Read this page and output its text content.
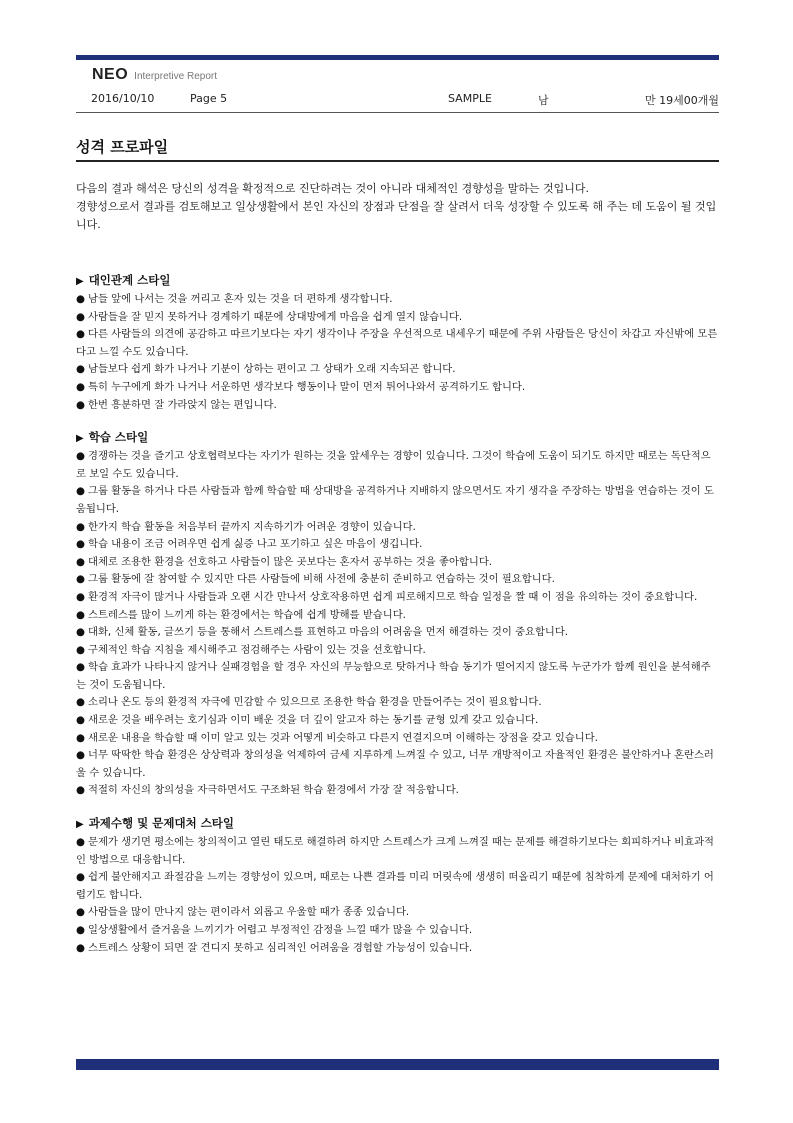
NEO Interpretive Report
2016/10/10	Page 5	SAMPLE	남	만 19세00개월
성격 프로파일

다음의 결과 해석은 당신의 성격을 확정적으로 진단하려는 것이 아니라 대체적인 경향성을 말하는 것입니다.

경향성으로서 결과를 검토해보고 일상생활에서 본인 자신의 장점과 단점을 잘 살려서 더욱 성장할 수 있도록 해 주는 데 도움이 될 것입니다.

▶ 대인관계 스타일

● 남들 앞에 나서는 것을 꺼리고 혼자 있는 것을 더 편하게 생각합니다.
● 사람들을 잘 믿지 못하거나 경계하기 때문에 상대방에게 마음을 쉽게 열지 않습니다.
● 다른 사람들의 의견에 공감하고 따르기보다는 자기 생각이나 주장을 우선적으로 내세우기 때문에 주위 사람들은 당신이 차갑고 자신밖에 모른다고 느낄 수도 있습니다.
● 남들보다 쉽게 화가 나거나 기분이 상하는 편이고 그 상태가 오래 지속되곤 합니다.
● 특히 누구에게 화가 나거나 서운하면 생각보다 행동이나 말이 먼저 튀어나와서 공격하기도 합니다.
● 한번 흥분하면 잘 가라앉지 않는 편입니다.

▶ 학습 스타일

● 경쟁하는 것을 즐기고 상호협력보다는 자기가 원하는 것을 앞세우는 경향이 있습니다. 그것이 학습에 도움이 되기도 하지만 때로는 독단적으로 보일 수도 있습니다.
● 그룹 활동을 하거나 다른 사람들과 함께 학습할 때 상대방을 공격하거나 지배하지 않으면서도 자기 생각을 주장하는 방법을 연습하는 것이 도움됩니다.
● 한가지 학습 활동을 처음부터 끝까지 지속하기가 어려운 경향이 있습니다.
● 학습 내용이 조금 어려우면 쉽게 싫증 나고 포기하고 싶은 마음이 생깁니다.
● 대체로 조용한 환경을 선호하고 사람들이 많은 곳보다는 혼자서 공부하는 것을 좋아합니다.
● 그룹 활동에 잘 참여할 수 있지만 다른 사람들에 비해 사전에 충분히 준비하고 연습하는 것이 필요합니다.
● 환경적 자극이 많거나 사람들과 오랜 시간 만나서 상호작용하면 쉽게 피로해지므로 학습 일정을 짤 때 이 점을 유의하는 것이 중요합니다.
● 스트레스를 많이 느끼게 하는 환경에서는 학습에 쉽게 방해를 받습니다.
● 대화, 신체 활동, 글쓰기 등을 통해서 스트레스를 표현하고 마음의 어려움을 먼저 해결하는 것이 중요합니다.
● 구체적인 학습 지침을 제시해주고 점검해주는 사람이 있는 것을 선호합니다.
● 학습 효과가 나타나지 않거나 실패경험을 할 경우 자신의 무능함으로 탓하거나 학습 동기가 떨어지지 않도록 누군가가 함께 원인을 분석해주는 것이 도움됩니다.
● 소리나 온도 등의 환경적 자극에 민감할 수 있으므로 조용한 학습 환경을 만들어주는 것이 필요합니다.
● 새로운 것을 배우려는 호기심과 이미 배운 것을 더 깊이 알고자 하는 동기를 균형 있게 갖고 있습니다.
● 새로운 내용을 학습할 때 이미 알고 있는 것과 어떻게 비슷하고 다른지 연결지으며 이해하는 장점을 갖고 있습니다.
● 너무 딱딱한 학습 환경은 상상력과 창의성을 억제하여 금세 지루하게 느껴질 수 있고, 너무 개방적이고 자율적인 환경은 불안하거나 혼란스러울 수 있습니다.
● 적절히 자신의 창의성을 자극하면서도 구조화된 학습 환경에서 가장 잘 적응합니다.

▶ 과제수행 및 문제대처 스타일

● 문제가 생기면 평소에는 창의적이고 열린 태도로 해결하려 하지만 스트레스가 크게 느껴질 때는 문제를 해결하기보다는 회피하거나 비효과적인 방법으로 대응합니다.
● 쉽게 불안해지고 좌절감을 느끼는 경향성이 있으며, 때로는 나쁜 결과를 미리 머릿속에 생생히 떠올리기 때문에 침착하게 문제에 대처하기 어렵기도 합니다.
● 사람들을 많이 만나지 않는 편이라서 외롭고 우울할 때가 종종 있습니다.
● 일상생활에서 즐거움을 느끼기가 어렵고 부정적인 감정을 느낄 때가 많을 수 있습니다.
● 스트레스 상황이 되면 잘 견디지 못하고 심리적인 어려움을 경험할 가능성이 있습니다.
